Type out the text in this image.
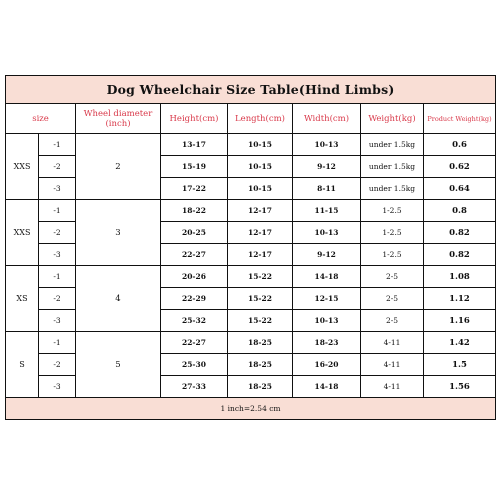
Dog Wheelchair Size Table(Hind Limbs)							
size		Wheel diameter
(inch)	Height(cm)	Length(cm)	Width(cm)	Weight(kg)	Product Weight(kg)
XXS	-1	2	13-17	10-15	10-13	under 1.5kg	0.6
	-2		15-19	10-15	9-12	under 1.5kg	0.62
	-3		17-22	10-15	8-11	under 1.5kg	0.64
XXS	-1	3	18-22	12-17	11-15	1-2.5	0.8
	-2		20-25	12-17	10-13	1-2.5	0.82
	-3		22-27	12-17	9-12	1-2.5	0.82
XS	-1	4	20-26	15-22	14-18	2-5	1.08
	-2		22-29	15-22	12-15	2-5	1.12
	-3		25-32	15-22	10-13	2-5	1.16
S	-1	5	22-27	18-25	18-23	4-11	1.42
	-2		25-30	18-25	16-20	4-11	1.5
	-3		27-33	18-25	14-18	4-11	1.56
1 inch=2.54 cm							
